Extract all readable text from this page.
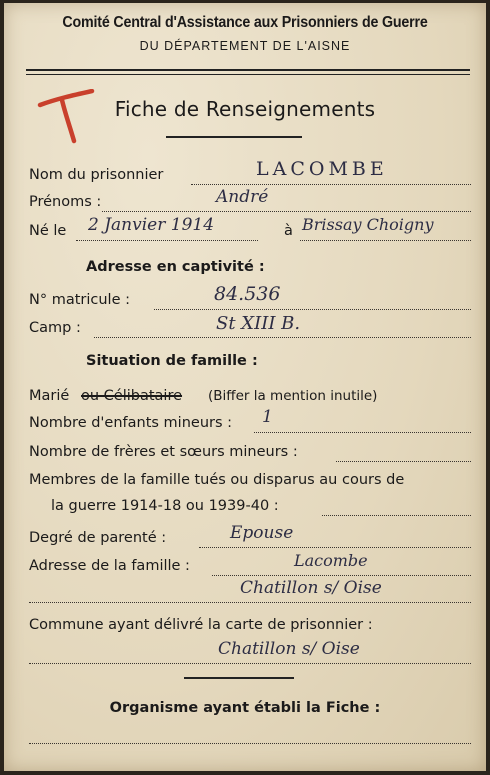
Comité Central d'Assistance aux Prisonniers de Guerre
DU DÉPARTEMENT DE L'AISNE
Fiche de Renseignements
Nom du prisonnier	LACOMBE
Prénoms :	André
Né le 2 Janvier 1914	à Brissay Choigny
Adresse en captivité :
N° matricule :	84.536
Camp :	St XIII B.
Situation de famille :
Marié ou Célibataire (Biffer la mention inutile)
Nombre d'enfants mineurs : 1
Nombre de frères et sœurs mineurs :
Membres de la famille tués ou disparus au cours de
la guerre 1914-18 ou 1939-40 :
Degré de parenté :	Epouse
Adresse de la famille :	Lacombe
Chatillon s/ Oise
Commune ayant délivré la carte de prisonnier :
Chatillon s/ Oise
Organisme ayant établi la Fiche :
